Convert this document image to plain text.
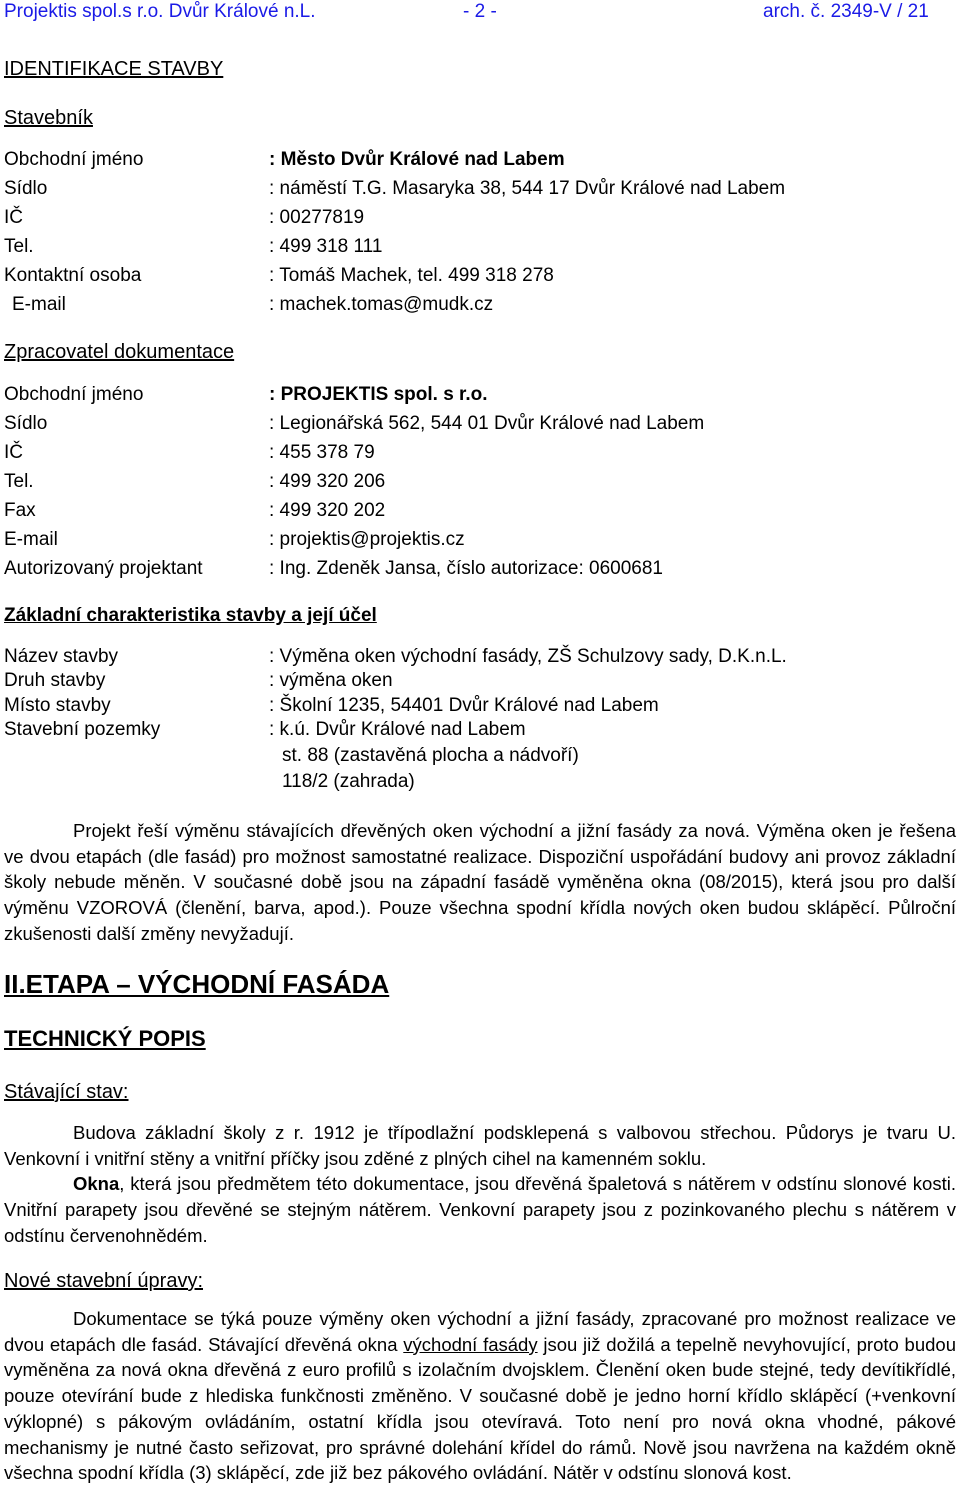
Projektis spol.s r.o. Dvůr Králové n.L.	- 2 -	arch. č. 2349-V / 21
IDENTIFIKACE STAVBY
Stavebník
Obchodní jméno	: Město Dvůr Králové nad Labem
Sídlo	: náměstí T.G. Masaryka 38, 544 17 Dvůr Králové nad Labem
IČ	: 00277819
Tel.	: 499 318 111
Kontaktní osoba	: Tomáš Machek, tel. 499 318 278
E-mail	: machek.tomas@mudk.cz
Zpracovatel dokumentace
Obchodní jméno	: PROJEKTIS spol. s r.o.
Sídlo	: Legionářská 562, 544 01 Dvůr Králové nad Labem
IČ	: 455 378 79
Tel.	: 499 320 206
Fax	: 499 320 202
E-mail	: projektis@projektis.cz
Autorizovaný projektant	: Ing. Zdeněk Jansa, číslo autorizace: 0600681
Základní charakteristika stavby a její účel
Název stavby	: Výměna oken východní fasády, ZŠ Schulzovy sady, D.K.n.L.
Druh stavby	: výměna oken
Místo stavby	: Školní 1235, 54401 Dvůr Králové nad Labem
Stavební pozemky	: k.ú. Dvůr Králové nad Labem
st. 88 (zastavěná plocha a nádvoří)
118/2 (zahrada)

Projekt řeší výměnu stávajících dřevěných oken východní a jižní fasády za nová. Výměna oken je řešena ve dvou etapách (dle fasád) pro možnost samostatné realizace. Dispoziční uspořádání budovy ani provoz základní školy nebude měněn. V současné době jsou na západní fasádě vyměněna okna (08/2015), která jsou pro další výměnu VZOROVÁ (členění, barva, apod.). Pouze všechna spodní křídla nových oken budou sklápěcí. Půlroční zkušenosti další změny nevyžadují.

II.ETAPA – VÝCHODNÍ FASÁDA
TECHNICKÝ POPIS
Stávající stav:

Budova základní školy z r. 1912 je třípodlažní podsklepená s valbovou střechou. Půdorys je tvaru U. Venkovní i vnitřní stěny a vnitřní příčky jsou zděné z plných cihel na kamenném soklu.
Okna, která jsou předmětem této dokumentace, jsou dřevěná špaletová s nátěrem v odstínu slonové kosti. Vnitřní parapety jsou dřevěné se stejným nátěrem. Venkovní parapety jsou z pozinkovaného plechu s nátěrem v odstínu červenohnědém.

Nové stavební úpravy:

Dokumentace se týká pouze výměny oken východní a jižní fasády, zpracované pro možnost realizace ve dvou etapách dle fasád. Stávající dřevěná okna východní fasády jsou již dožilá a tepelně nevyhovující, proto budou vyměněna za nová okna dřevěná z euro profilů s izolačním dvojsklem. Členění oken bude stejné, tedy devítikřídlé, pouze otevírání bude z hlediska funkčnosti změněno. V současné době je jedno horní křídlo sklápěcí (+venkovní výklopné) s pákovým ovládáním, ostatní křídla jsou otevíravá. Toto není pro nová okna vhodné, pákové mechanismy je nutné často seřizovat, pro správné dolehání křídel do rámů. Nově jsou navržena na každém okně všechna spodní křídla (3) sklápěcí, zde již bez pákového ovládání. Nátěr v odstínu slonová kost.
